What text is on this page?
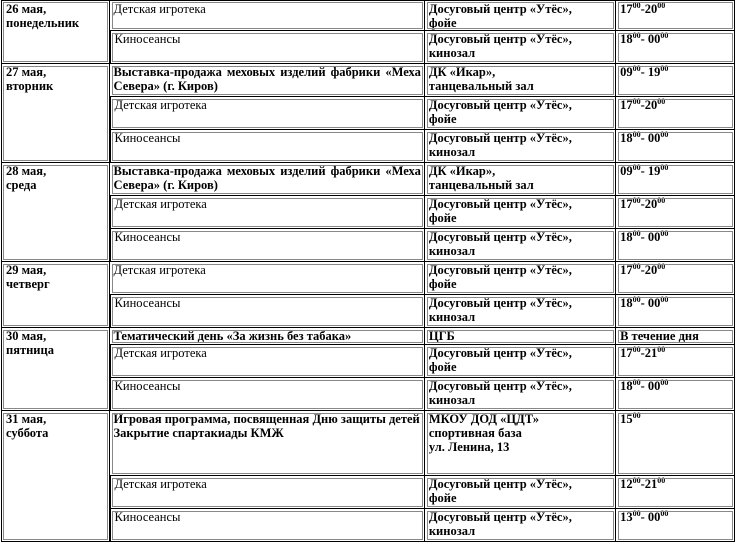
26 мая,
понедельник	Детская игротека	Досуговый центр «Утёс»,
фойе	$17^{00}-20^{00}$
	Киносеансы	Досуговый центр «Утёс»,
кинозал	$18^{00}-$ $00^{00}$
27 мая,
вторник	Выставка-продажа меховых изделий фабрики «Меха Севера» (г. Киров)	ДК «Икар»,
танцевальный зал	$09^{00}-$ $19^{00}$
	Детская игротека	Досуговый центр «Утёс»,
фойе	$17^{00}-20^{00}$
	Киносеансы	Досуговый центр «Утёс»,
кинозал	$18^{00}-$ $00^{00}$
28 мая,
среда	Выставка-продажа меховых изделий фабрики «Меха Севера» (г. Киров)	ДК «Икар»,
танцевальный зал	$09^{00}-$ $19^{00}$
	Детская игротека	Досуговый центр «Утёс»,
фойе	$17^{00}-20^{00}$
	Киносеансы	Досуговый центр «Утёс»,
кинозал	$18^{00}-$ $00^{00}$
29 мая,
четверг	Детская игротека	Досуговый центр «Утёс»,
фойе	$17^{00}-20^{00}$
	Киносеансы	Досуговый центр «Утёс»,
кинозал	$18^{00}-$ $00^{00}$
30 мая,
пятница	Тематический день «За жизнь без табака»	ЦГБ	В течение дня
	Детская игротека	Досуговый центр «Утёс»,
фойе	$17^{00}-21^{00}$
	Киносеансы	Досуговый центр «Утёс»,
кинозал	$18^{00}-$ $00^{00}$
31 мая,
суббота	Игровая программа, посвященная Дню защиты детей
Закрытие спартакиады КМЖ	МКОУ ДОД «ЦДТ»
спортивная база
ул. Ленина, 13	$15^{00}$
	Детская игротека	Досуговый центр «Утёс»,
фойе	$12^{00}-21^{00}$
	Киносеансы	Досуговый центр «Утёс»,
кинозал	$13^{00}-$ $00^{00}$
